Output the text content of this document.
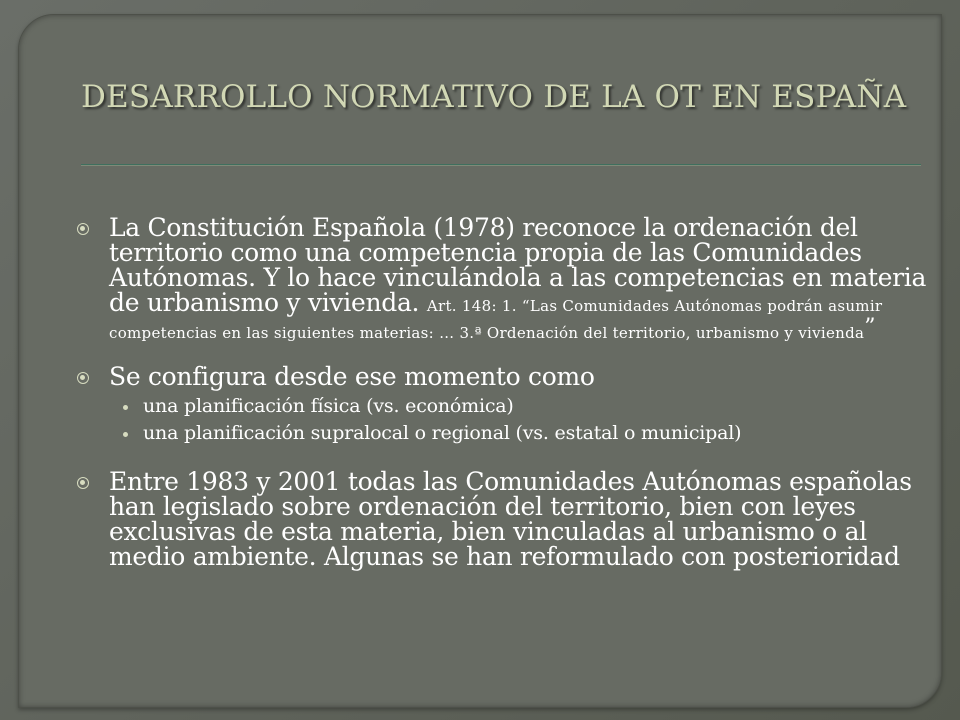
DESARROLLO NORMATIVO DE LA OT EN ESPAÑA
La Constitución Española (1978) reconoce la ordenación del territorio como una competencia propia de las Comunidades Autónomas. Y lo hace vinculándola a las competencias en materia de urbanismo y vivienda. Art. 148: 1. “Las Comunidades Autónomas podrán asumir competencias en las siguientes materias: … 3.ª Ordenación del territorio, urbanismo y vivienda”
Se configura desde ese momento como
una planificación física (vs. económica)
una planificación supralocal o regional (vs. estatal o municipal)
Entre 1983 y 2001 todas las Comunidades Autónomas españolas han legislado sobre ordenación del territorio, bien con leyes exclusivas de esta materia, bien vinculadas al urbanismo o al medio ambiente. Algunas se han reformulado con posterioridad
